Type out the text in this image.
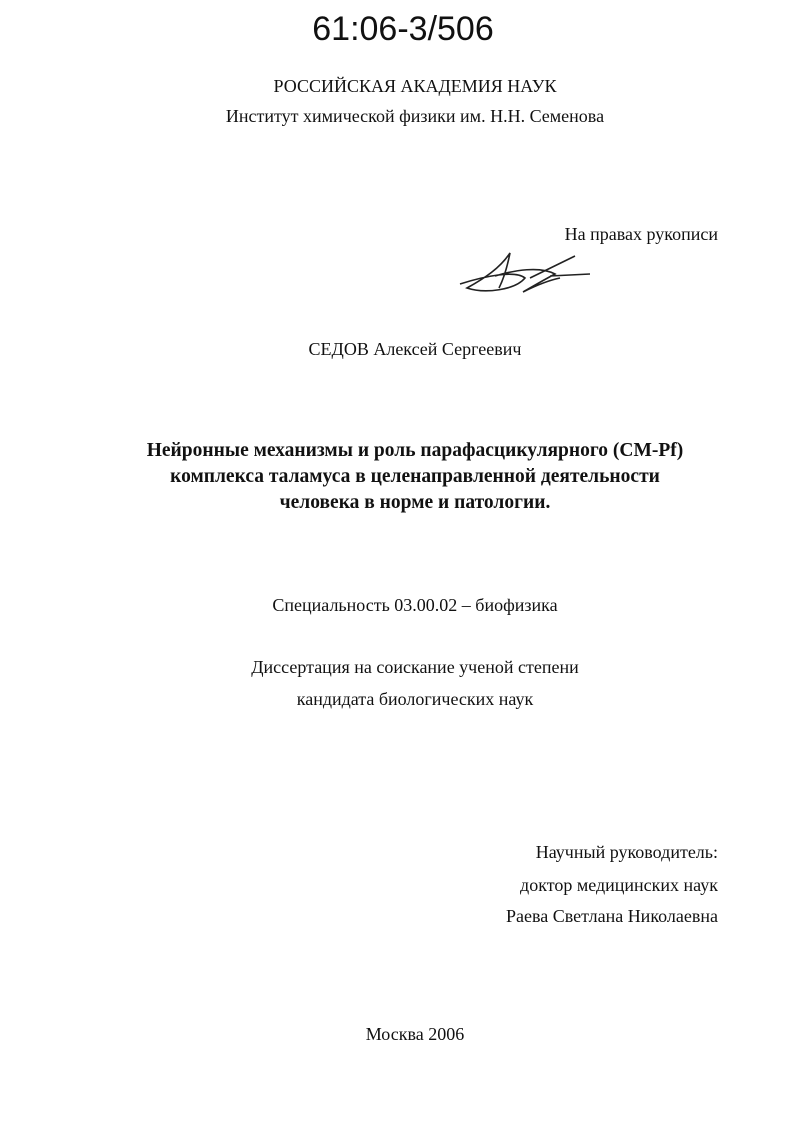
61:06-3/506
РОССИЙСКАЯ АКАДЕМИЯ НАУК
Институт химической физики им. Н.Н. Семенова
На правах рукописи
СЕДОВ Алексей Сергеевич
Нейронные механизмы и роль парафасцикулярного (CM-Pf)
комплекса таламуса в целенаправленной деятельности
человека в норме и патологии.
Специальность 03.00.02 – биофизика
Диссертация на соискание ученой степени
кандидата биологических наук
Научный руководитель:
доктор медицинских наук
Раева Светлана Николаевна
Москва 2006
